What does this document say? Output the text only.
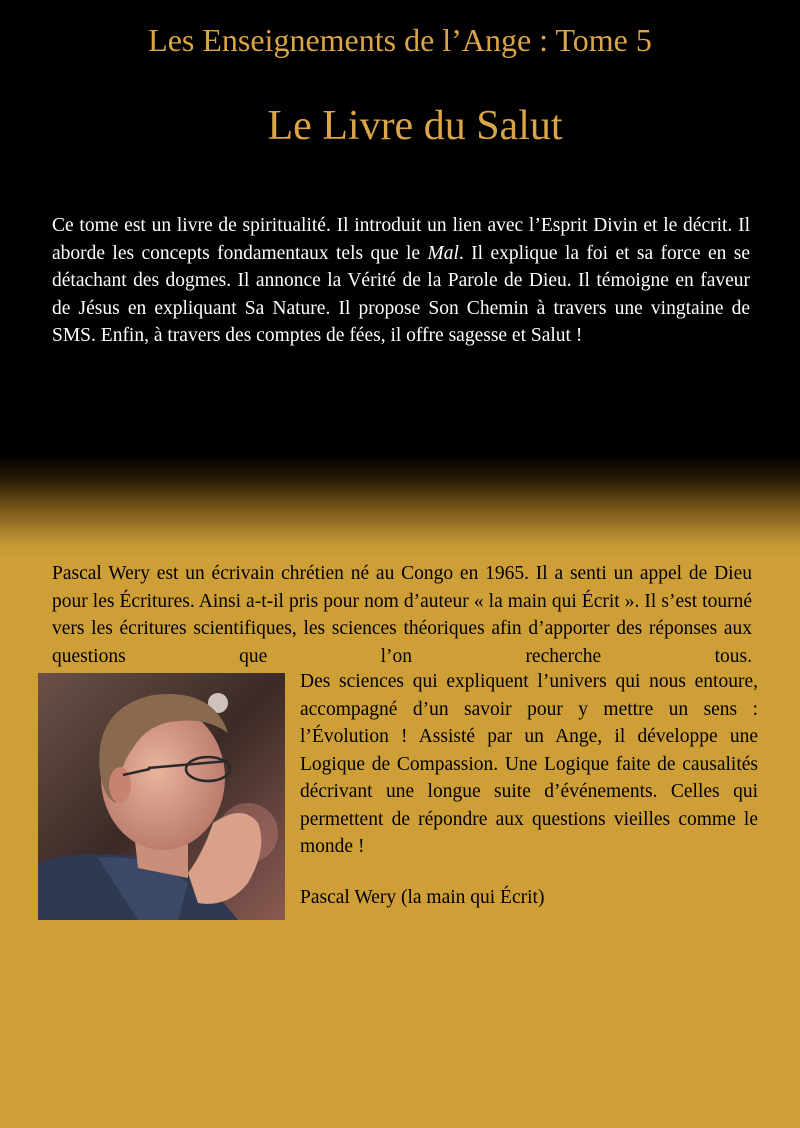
Les Enseignements de l’Ange : Tome 5
Le Livre du Salut

Ce tome est un livre de spiritualité. Il introduit un lien avec l’Esprit Divin et le décrit. Il aborde les concepts fondamentaux tels que le Mal. Il explique la foi et sa force en se détachant des dogmes. Il annonce la Vérité de la Parole de Dieu. Il témoigne en faveur de Jésus en expliquant Sa Nature. Il propose Son Chemin à travers une vingtaine de SMS. Enfin, à travers des comptes de fées, il offre sagesse et Salut !

Pascal Wery est un écrivain chrétien né au Congo en 1965. Il a senti un appel de Dieu pour les Écritures. Ainsi a-t-il pris pour nom d’auteur « la main qui Écrit ». Il s’est tourné vers les écritures scientifiques, les sciences théoriques afin d’apporter des réponses aux questions que l’on recherche tous.

Des sciences qui expliquent l’univers qui nous entoure, accompagné d’un savoir pour y mettre un sens : l’Évolution ! Assisté par un Ange, il développe une Logique de Compassion. Une Logique faite de causalités décrivant une longue suite d’événements. Celles qui permettent de répondre aux questions vieilles comme le monde !

Pascal Wery (la main qui Écrit)
